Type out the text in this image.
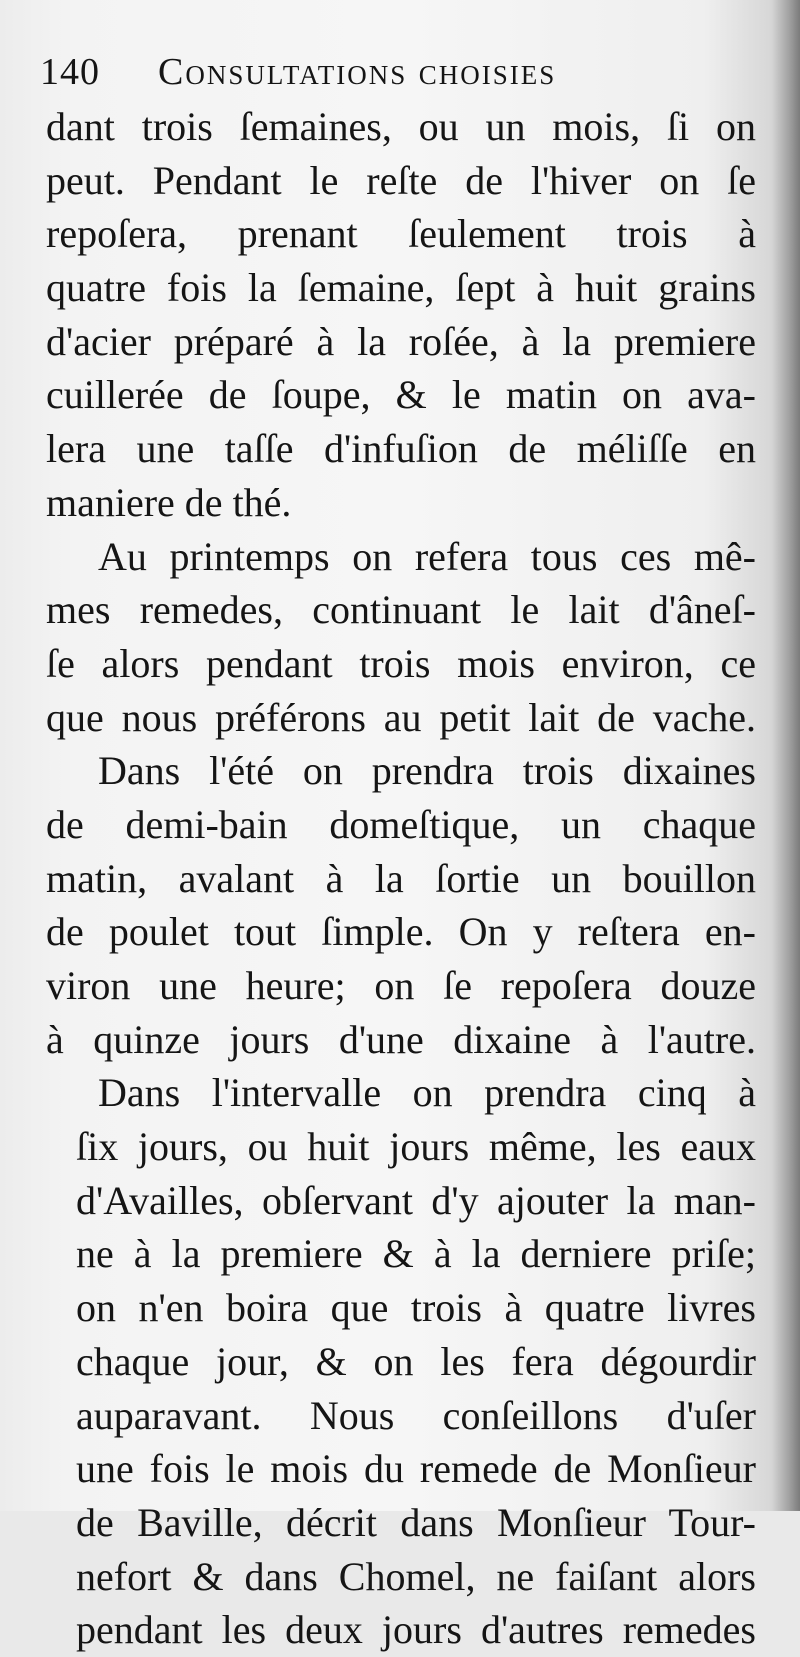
140 Consultations choisies
dant trois ſemaines, ou un mois, ſi on
peut. Pendant le reſte de l'hiver on ſe
repoſera, prenant ſeulement trois à
quatre fois la ſemaine, ſept à huit grains
d'acier préparé à la roſée, à la premiere
cuillerée de ſoupe, & le matin on ava-
lera une taſſe d'infuſion de méliſſe en
maniere de thé.
Au printemps on refera tous ces mê-
mes remedes, continuant le lait d'âneſ-
ſe alors pendant trois mois environ, ce
que nous préférons au petit lait de vache.
Dans l'été on prendra trois dixaines
de demi-bain domeſtique, un chaque
matin, avalant à la ſortie un bouillon
de poulet tout ſimple. On y reſtera en-
viron une heure; on ſe repoſera douze
à quinze jours d'une dixaine à l'autre.
Dans l'intervalle on prendra cinq à
ſix jours, ou huit jours même, les eaux
d'Availles, obſervant d'y ajouter la man-
ne à la premiere & à la derniere priſe;
on n'en boira que trois à quatre livres
chaque jour, & on les fera dégourdir
auparavant. Nous conſeillons d'uſer
une fois le mois du remede de Monſieur
de Baville, décrit dans Monſieur Tour-
nefort & dans Chomel, ne faiſant alors
pendant les deux jours d'autres remedes
